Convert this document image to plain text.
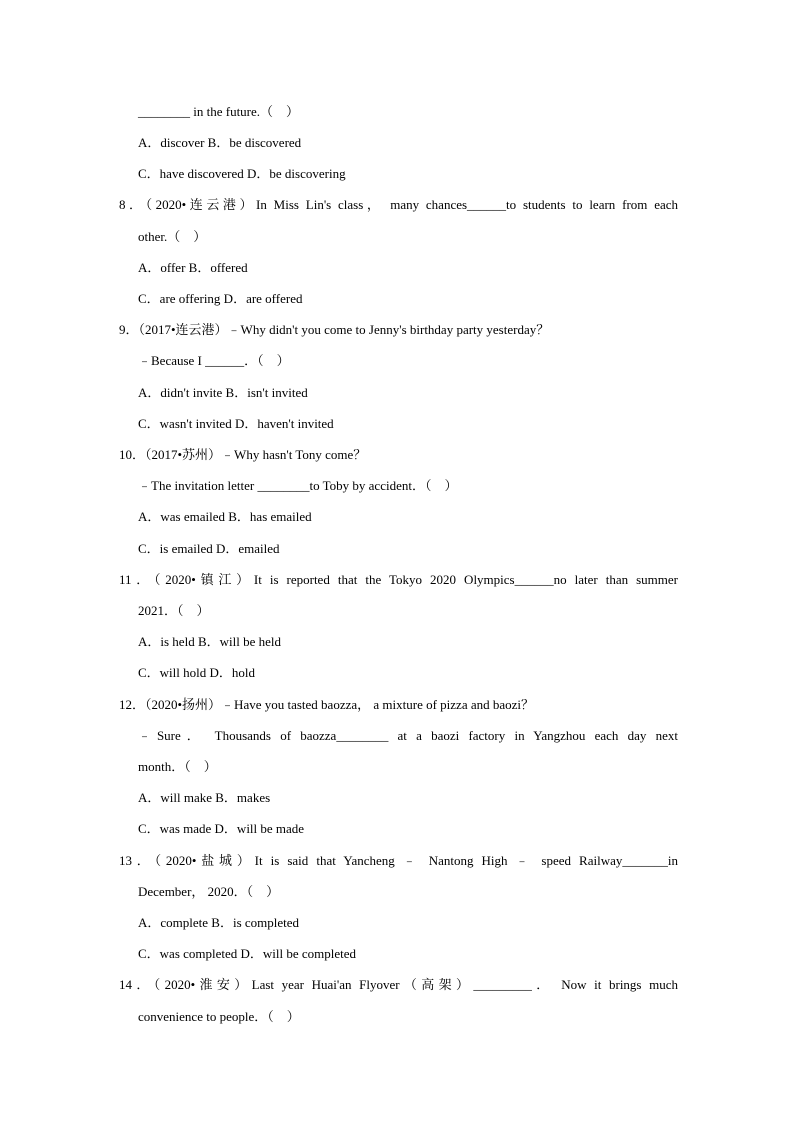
________ in the future.（　）
A．discover B．be discovered
C．have discovered D．be discovering
8．（2020•连云港）In Miss Lin's class， many chances______to students to learn from each
other.（　）
A．offer B．offered
C．are offering D．are offered
9．（2017•连云港）﹣Why didn't you come to Jenny's birthday party yesterday？
﹣Because I ______．（　）
A．didn't invite B．isn't invited
C．wasn't invited D．haven't invited
10．（2017•苏州）﹣Why hasn't Tony come？
﹣The invitation letter ________to Toby by accident．（　）
A．was emailed B．has emailed
C．is emailed D．emailed
11．（2020•镇江）It is reported that the Tokyo 2020 Olympics______no later than summer
2021．（　）
A．is held B．will be held
C．will hold D．hold
12．（2020•扬州）﹣Have you tasted baozza， a mixture of pizza and baozi？
﹣Sure． Thousands of baozza________ at a baozi factory in Yangzhou each day next
month．（　）
A．will make B．makes
C．was made D．will be made
13．（2020•盐城）It is said that Yancheng ﹣ Nantong High ﹣ speed Railway_______in
December， 2020．（　）
A．complete B．is completed
C．was completed D．will be completed
14．（2020•淮安）Last year Huai'an Flyover（高架）_________． Now it brings much
convenience to people．（　）
